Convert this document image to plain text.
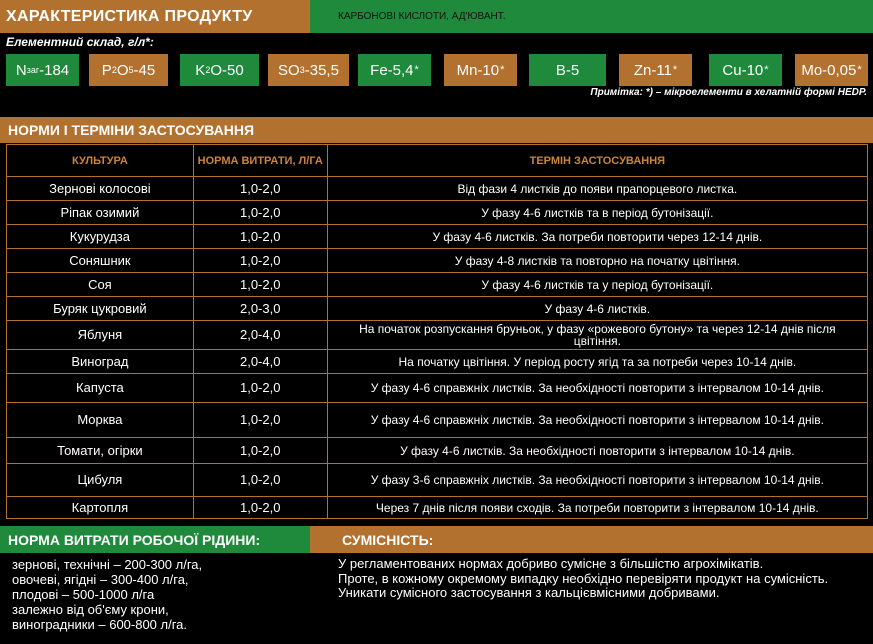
ХАРАКТЕРИСТИКА ПРОДУКТУ	КАРБОНОВІ КИСЛОТИ, АД'ЮВАНТ.
Елементний склад, г/л*:
N заг -184 P 2 O 5 -45	K 2 O-50 SO 3 -35,5 Fe-5,4 *	Mn-10 *	B-5	Zn-11 *	Cu-10 * Mo-0,05 *
Примітка: *) – мікроелементи в хелатній формі HEDP.
НОРМИ І ТЕРМІНИ ЗАСТОСУВАННЯ
КУЛЬТУРА	НОРМА ВИТРАТИ, Л/ГА	ТЕРМІН ЗАСТОСУВАННЯ
Зернові колосові	1,0-2,0	Від фази 4 листків до появи прапорцевого листка.
Ріпак озимий	1,0-2,0	У фазу 4-6 листків та в період бутонізації.
Кукурудза	1,0-2,0	У фазу 4-6 листків. За потреби повторити через 12-14 днів.
Соняшник	1,0-2,0	У фазу 4-8 листків та повторно на початку цвітіння.
Соя	1,0-2,0	У фазу 4-6 листків та у період бутонізації.
Буряк цукровий	2,0-3,0	У фазу 4-6 листків.
Яблуня	2,0-4,0	На початок розпускання бруньок, у фазу «рожевого бутону» та через 12-14 днів після цвітіння.
Виноград	2,0-4,0	На початку цвітіння. У період росту ягід та за потреби через 10-14 днів.
Капуста	1,0-2,0	У фазу 4-6 справжніх листків. За необхідності повторити з інтервалом 10-14 днів.
Морква	1,0-2,0	У фазу 4-6 справжніх листків. За необхідності повторити з інтервалом 10-14 днів.
Томати, огірки	1,0-2,0	У фазу 4-6 листків. За необхідності повторити з інтервалом 10-14 днів.
Цибуля	1,0-2,0	У фазу 3-6 справжніх листків. За необхідності повторити з інтервалом 10-14 днів.
Картопля	1,0-2,0	Через 7 днів після появи сходів. За потреби повторити з інтервалом 10-14 днів.
НОРМА ВИТРАТИ РОБОЧОЇ РІДИНИ:	СУМІСНІСТЬ:
зернові, технічні – 200-300 л/га,
овочеві, ягідні – 300-400 л/га,
плодові – 500-1000 л/га
залежно від об'єму крони,
виноградники – 600-800 л/га.
У регламентованих нормах добриво сумісне з більшістю агрохімікатів.
Проте, в кожному окремому випадку необхідно перевіряти продукт на сумісність.
Уникати сумісного застосування з кальцієвмісними добривами.
